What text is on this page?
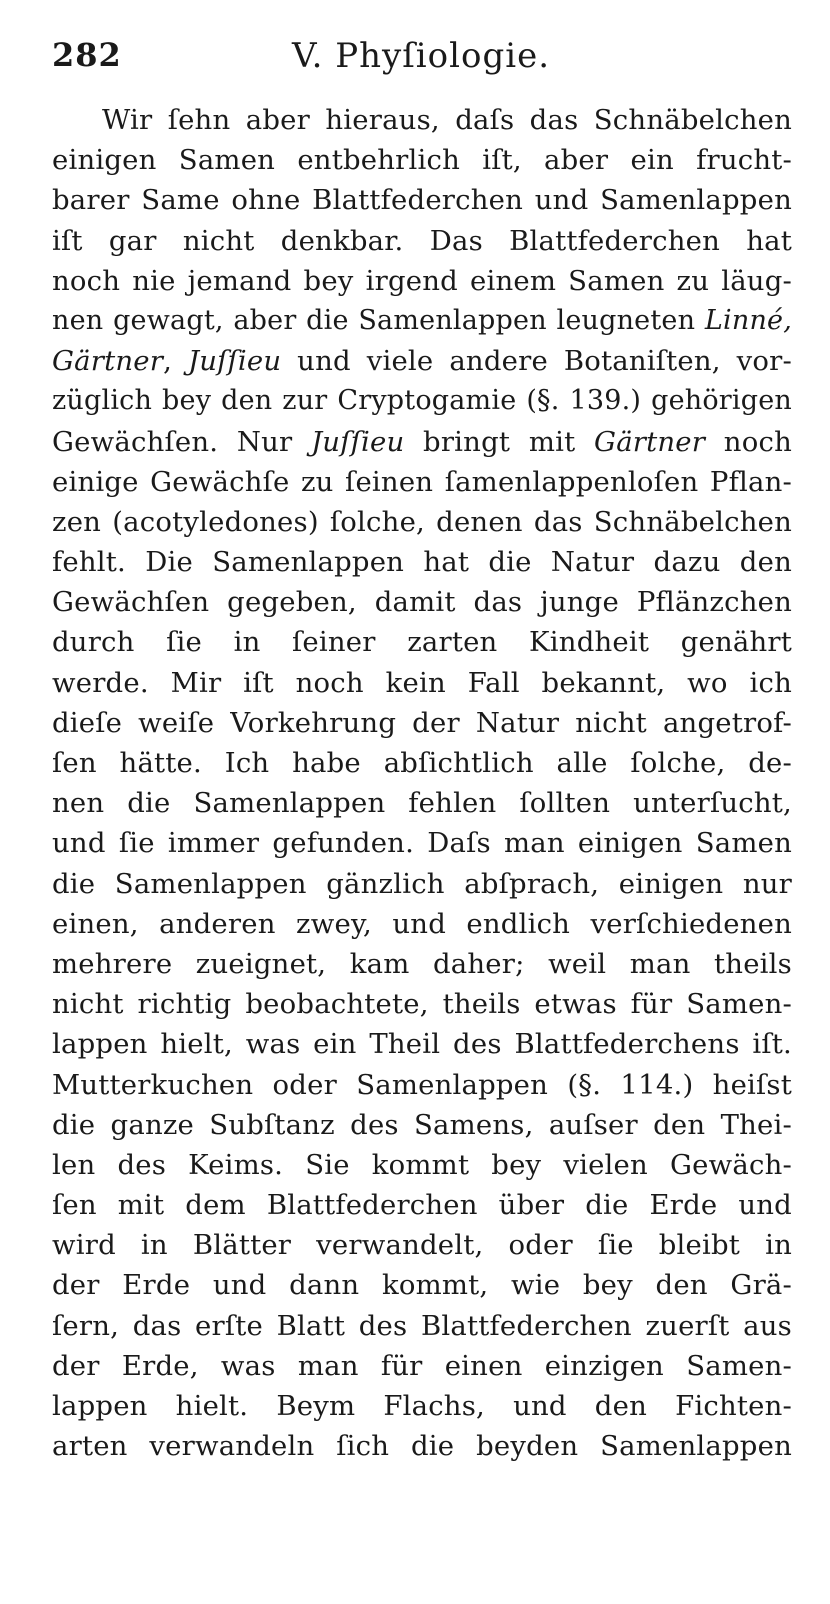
282	V. Phyſiologie.
Wir ſehn aber hieraus, daſs das Schnäbelchen
einigen Samen entbehrlich iſt, aber ein frucht-
barer Same ohne Blattfederchen und Samenlappen
iſt gar nicht denkbar. Das Blattfederchen hat
noch nie jemand bey irgend einem Samen zu läug-
nen gewagt, aber die Samenlappen leugneten Linné,
Gärtner, Juſſieu und viele andere Botaniſten, vor-
züglich bey den zur Cryptogamie (§. 139.) gehörigen
Gewächſen. Nur Juſſieu bringt mit Gärtner noch
einige Gewächſe zu ſeinen ſamenlappenloſen Pflan-
zen (acotyledones) ſolche, denen das Schnäbelchen
fehlt. Die Samenlappen hat die Natur dazu den
Gewächſen gegeben, damit das junge Pflänzchen
durch ſie in ſeiner zarten Kindheit genährt
werde. Mir iſt noch kein Fall bekannt, wo ich
dieſe weiſe Vorkehrung der Natur nicht angetrof-
ſen hätte. Ich habe abſichtlich alle ſolche, de-
nen die Samenlappen fehlen ſollten unterſucht,
und ſie immer gefunden. Daſs man einigen Samen
die Samenlappen gänzlich abſprach, einigen nur
einen, anderen zwey, und endlich verſchiedenen
mehrere zueignet, kam daher; weil man theils
nicht richtig beobachtete, theils etwas für Samen-
lappen hielt, was ein Theil des Blattfederchens iſt.
Mutterkuchen oder Samenlappen (§. 114.) heiſst
die ganze Subſtanz des Samens, auſser den Thei-
len des Keims. Sie kommt bey vielen Gewäch-
ſen mit dem Blattfederchen über die Erde und
wird in Blätter verwandelt, oder ſie bleibt in
der Erde und dann kommt, wie bey den Grä-
ſern, das erſte Blatt des Blattfederchen zuerſt aus
der Erde, was man für einen einzigen Samen-
lappen hielt. Beym Flachs, und den Fichten-
arten verwandeln ſich die beyden Samenlappen
